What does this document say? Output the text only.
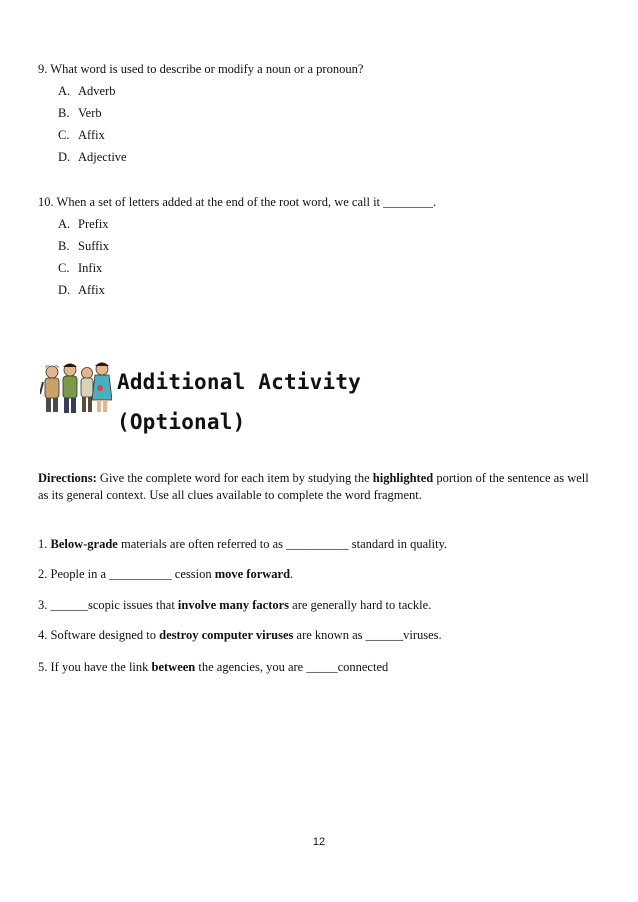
9. What word is used to describe or modify a noun or a pronoun?
A. Adverb
B. Verb
C. Affix
D. Adjective
10. When a set of letters added at the end of the root word, we call it ________.
A. Prefix
B. Suffix
C. Infix
D. Affix
Additional Activity
(Optional)
Directions: Give the complete word for each item by studying the highlighted portion of the sentence as well as its general context. Use all clues available to complete the word fragment.
1. Below-grade materials are often referred to as __________ standard in quality.
2. People in a __________ cession move forward.
3. ______scopic issues that involve many factors are generally hard to tackle.
4. Software designed to destroy computer viruses are known as ______viruses.
5. If you have the link between the agencies, you are _____connected
12
